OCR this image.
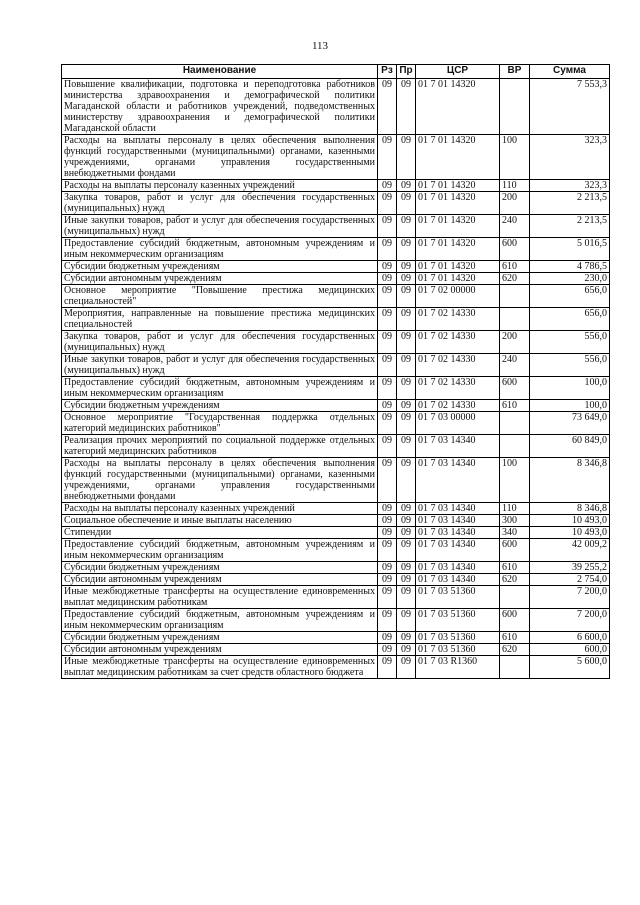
113
Наименование	Рз	Пр	ЦСР	ВР	Сумма
Повышение квалификации, подготовка и переподготовка работников министерства здравоохранения и демографической политики Магаданской области и работников учреждений, подведомственных министерству здравоохранения и демографической политики Магаданской области	09	09	01 7 01 14320		7 553,3
Расходы на выплаты персоналу в целях обеспечения выполнения функций государственными (муниципальными) органами, казенными учреждениями, органами управления государственными внебюджетными фондами	09	09	01 7 01 14320	100	323,3
Расходы на выплаты персоналу казенных учреждений	09	09	01 7 01 14320	110	323,3
Закупка товаров, работ и услуг для обеспечения государственных (муниципальных) нужд	09	09	01 7 01 14320	200	2 213,5
Иные закупки товаров, работ и услуг для обеспечения государственных (муниципальных) нужд	09	09	01 7 01 14320	240	2 213,5
Предоставление субсидий бюджетным, автономным учреждениям и иным некоммерческим организациям	09	09	01 7 01 14320	600	5 016,5
Субсидии бюджетным учреждениям	09	09	01 7 01 14320	610	4 786,5
Субсидии автономным учреждениям	09	09	01 7 01 14320	620	230,0
Основное мероприятие "Повышение престижа медицинских специальностей"	09	09	01 7 02 00000		656,0
Мероприятия, направленные на повышение престижа медицинских специальностей	09	09	01 7 02 14330		656,0
Закупка товаров, работ и услуг для обеспечения государственных (муниципальных) нужд	09	09	01 7 02 14330	200	556,0
Иные закупки товаров, работ и услуг для обеспечения государственных (муниципальных) нужд	09	09	01 7 02 14330	240	556,0
Предоставление субсидий бюджетным, автономным учреждениям и иным некоммерческим организациям	09	09	01 7 02 14330	600	100,0
Субсидии бюджетным учреждениям	09	09	01 7 02 14330	610	100,0
Основное мероприятие "Государственная поддержка отдельных категорий медицинских работников"	09	09	01 7 03 00000		73 649,0
Реализация прочих мероприятий по социальной поддержке отдельных категорий медицинских работников	09	09	01 7 03 14340		60 849,0
Расходы на выплаты персоналу в целях обеспечения выполнения функций государственными (муниципальными) органами, казенными учреждениями, органами управления государственными внебюджетными фондами	09	09	01 7 03 14340	100	8 346,8
Расходы на выплаты персоналу казенных учреждений	09	09	01 7 03 14340	110	8 346,8
Социальное обеспечение и иные выплаты населению	09	09	01 7 03 14340	300	10 493,0
Стипендии	09	09	01 7 03 14340	340	10 493,0
Предоставление субсидий бюджетным, автономным учреждениям и иным некоммерческим организациям	09	09	01 7 03 14340	600	42 009,2
Субсидии бюджетным учреждениям	09	09	01 7 03 14340	610	39 255,2
Субсидии автономным учреждениям	09	09	01 7 03 14340	620	2 754,0
Иные межбюджетные трансферты на осуществление единовременных выплат медицинским работникам	09	09	01 7 03 51360		7 200,0
Предоставление субсидий бюджетным, автономным учреждениям и иным некоммерческим организациям	09	09	01 7 03 51360	600	7 200,0
Субсидии бюджетным учреждениям	09	09	01 7 03 51360	610	6 600,0
Субсидии автономным учреждениям	09	09	01 7 03 51360	620	600,0
Иные межбюджетные трансферты на осуществление единовременных выплат медицинским работникам за счет средств областного бюджета	09	09	01 7 03 R1360		5 600,0
